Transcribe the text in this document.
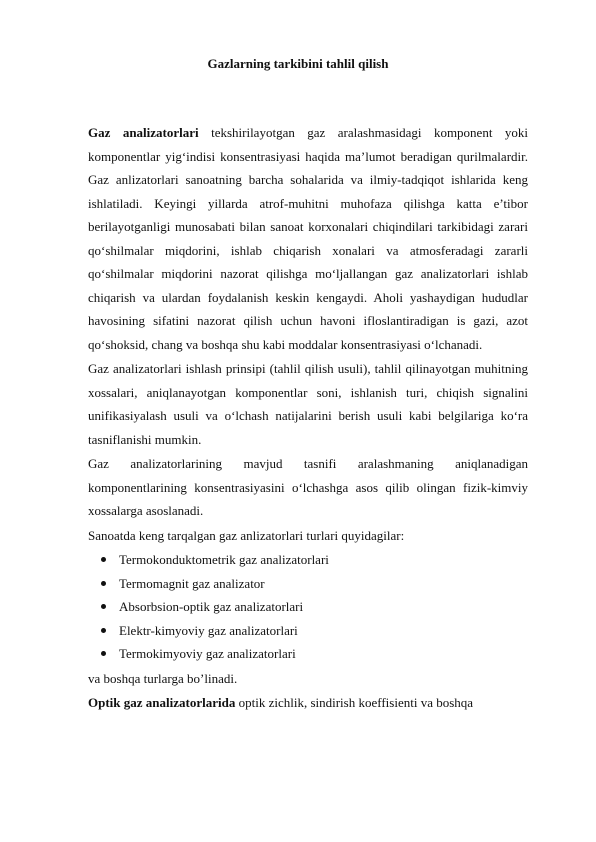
Gazlarning tarkibini tahlil qilish

Gaz analizatorlari tekshirilayotgan gaz aralashmasidagi komponent yoki komponentlar yig‘indisi konsentrasiyasi haqida ma’lumot beradigan qurilmalardir. Gaz anlizatorlari sanoatning barcha sohalarida va ilmiy-tadqiqot ishlarida keng ishlatiladi. Keyingi yillarda atrof-muhitni muhofaza qilishga katta e’tibor berilayotganligi munosabati bilan sanoat korxonalari chiqindilari tarkibidagi zarari qo‘shilmalar miqdorini, ishlab chiqarish xonalari va atmosferadagi zararli qo‘shilmalar miqdorini nazorat qilishga mo‘ljallangan gaz analizatorlari ishlab chiqarish va ulardan foydalanish keskin kengaydi. Aholi yashaydigan hududlar havosining sifatini nazorat qilish uchun havoni ifloslantiradigan is gazi, azot qo‘shoksid, chang va boshqa shu kabi moddalar konsentrasiyasi o‘lchanadi.

Gaz analizatorlari ishlash prinsipi (tahlil qilish usuli), tahlil qilinayotgan muhitning xossalari, aniqlanayotgan komponentlar soni, ishlanish turi, chiqish signalini unifikasiyalash usuli va o‘lchash natijalarini berish usuli kabi belgilariga ko‘ra tasniflanishi mumkin.

Gaz analizatorlarining mavjud tasnifi aralashmaning aniqlanadigan komponentlarining konsentrasiyasini o‘lchashga asos qilib olingan fizik-kimviy xossalarga asoslanadi.

Sanoatda keng tarqalgan gaz anlizatorlari turlari quyidagilar:

Termokonduktometrik gaz analizatorlari
Termomagnit gaz analizator
Absorbsion-optik gaz analizatorlari
Elektr-kimyoviy gaz analizatorlari
Termokimyoviy gaz analizatorlari

va boshqa turlarga bo’linadi.

Optik gaz analizatorlarida optik zichlik, sindirish koeffisienti va boshqa
